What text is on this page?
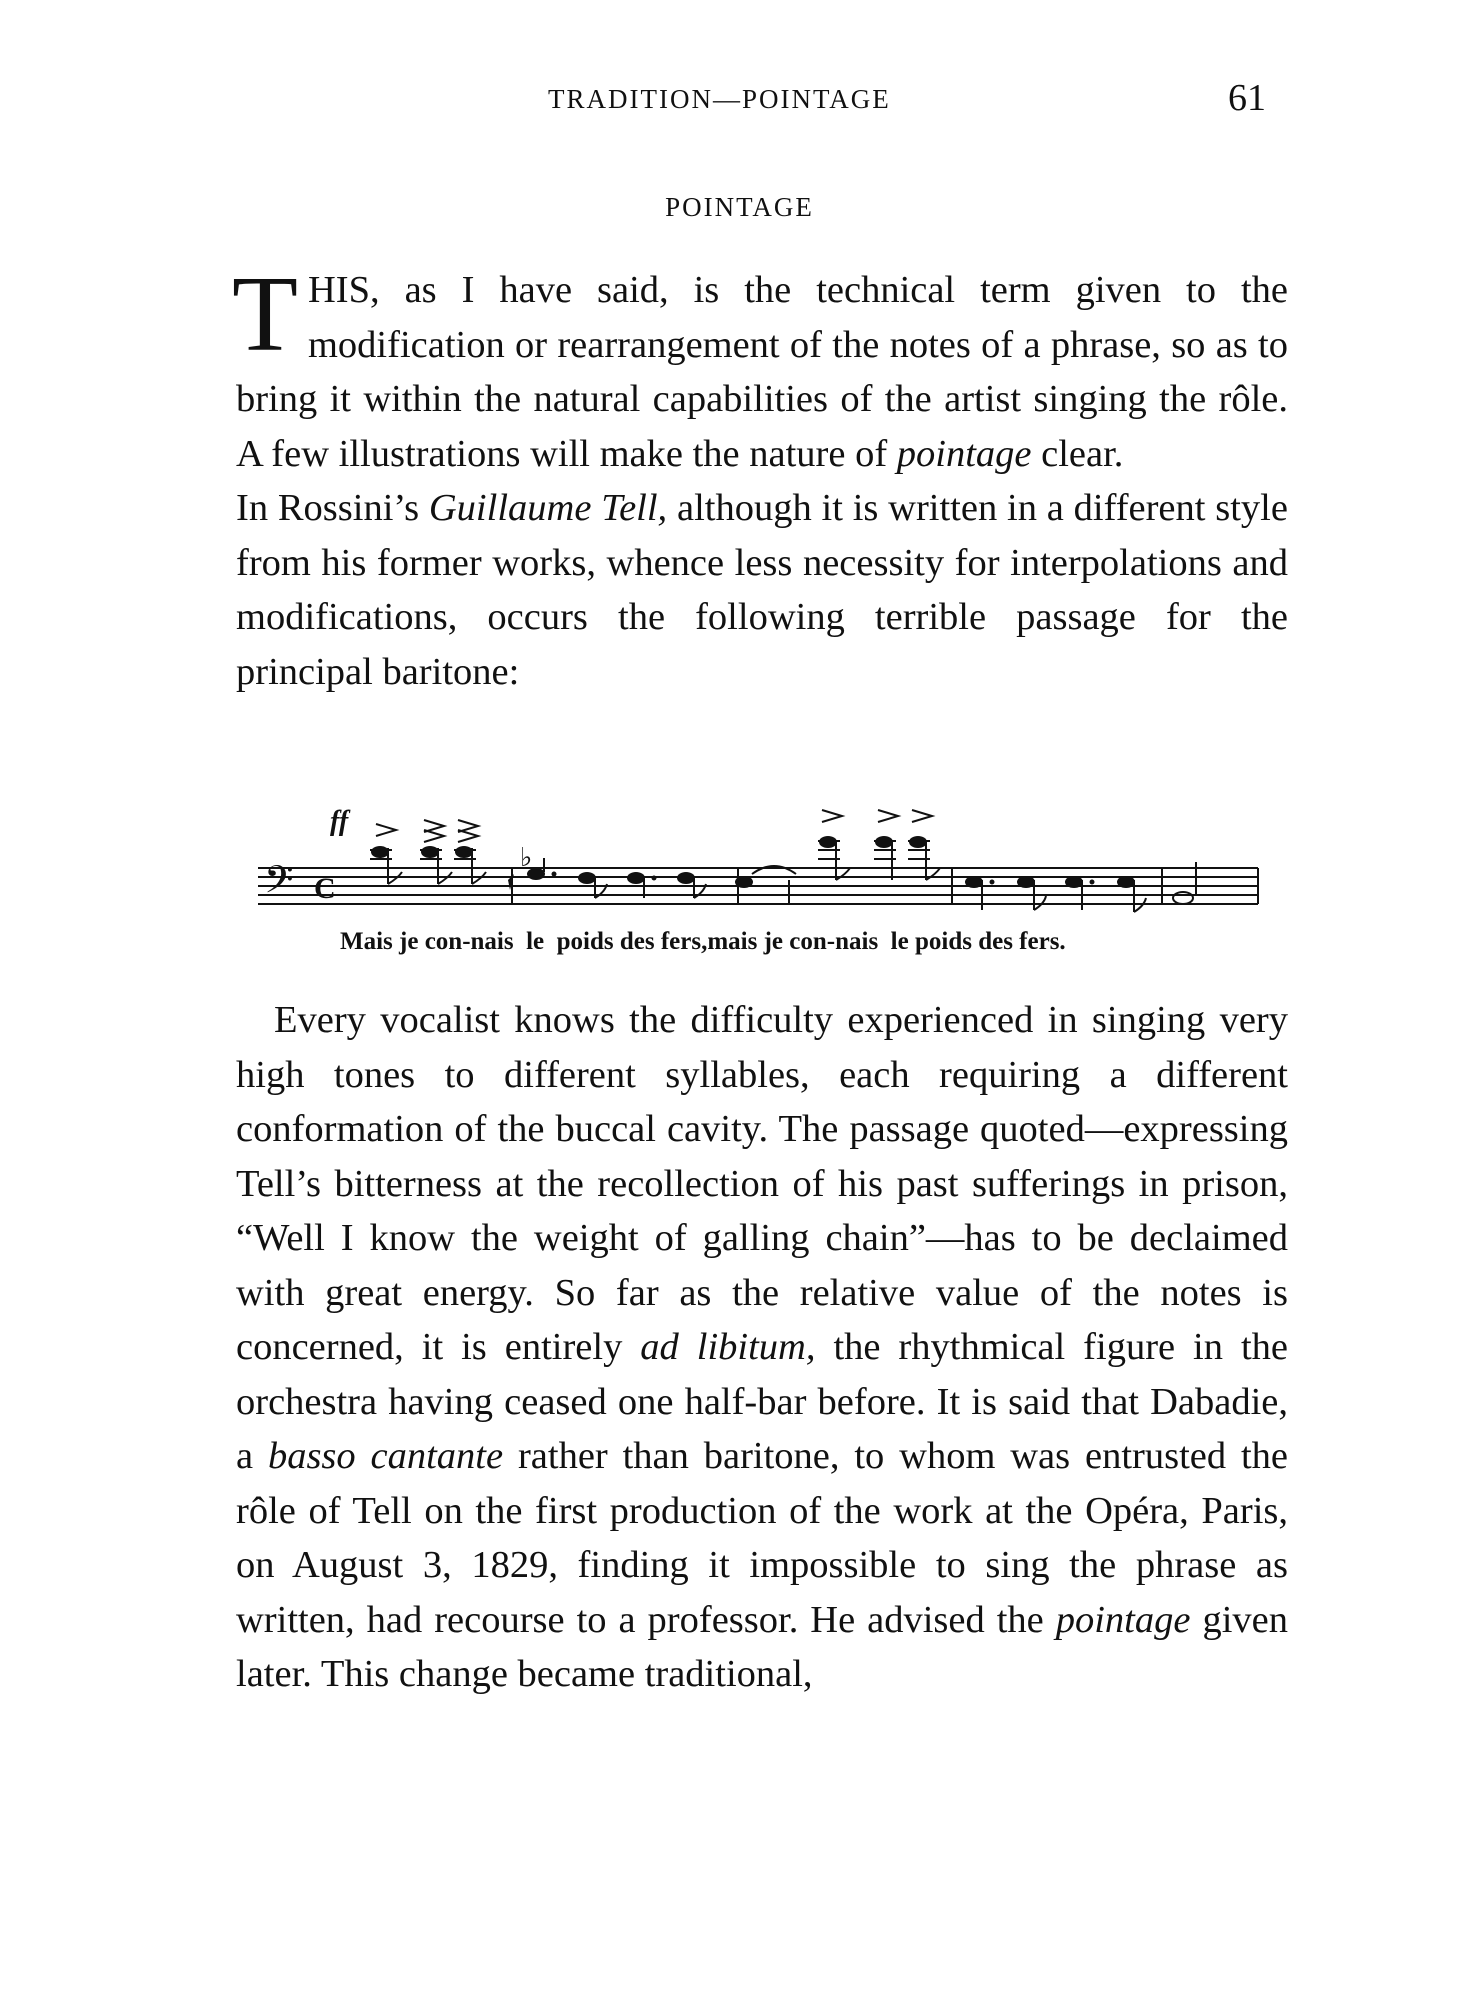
TRADITION—POINTAGE	61
POINTAGE

THIS, as I have said, is the technical term given to the modification or rearrangement of the notes of a phrase, so as to bring it within the natural capabilities of the artist singing the rôle. A few illustrations will make the nature of pointage clear.

In Rossini’s Guillaume Tell, although it is written in a different style from his former works, whence less necessity for interpolations and modifications, occurs the following terrible passage for the principal baritone:

𝄢 C
♭
ff
Mais je con-nais  le  poids des fers,mais je con-nais  le poids des fers.

Every vocalist knows the difficulty experienced in singing very high tones to different syllables, each requiring a different conformation of the buccal cavity. The passage quoted—expressing Tell’s bitterness at the recollection of his past sufferings in prison, “Well I know the weight of galling chain”—has to be declaimed with great energy. So far as the relative value of the notes is concerned, it is entirely ad libitum, the rhythmical figure in the orchestra having ceased one half-bar before. It is said that Dabadie, a basso cantante rather than baritone, to whom was entrusted the rôle of Tell on the first production of the work at the Opéra, Paris, on August 3, 1829, finding it impossible to sing the phrase as written, had recourse to a professor. He advised the pointage given later. This change became traditional,
